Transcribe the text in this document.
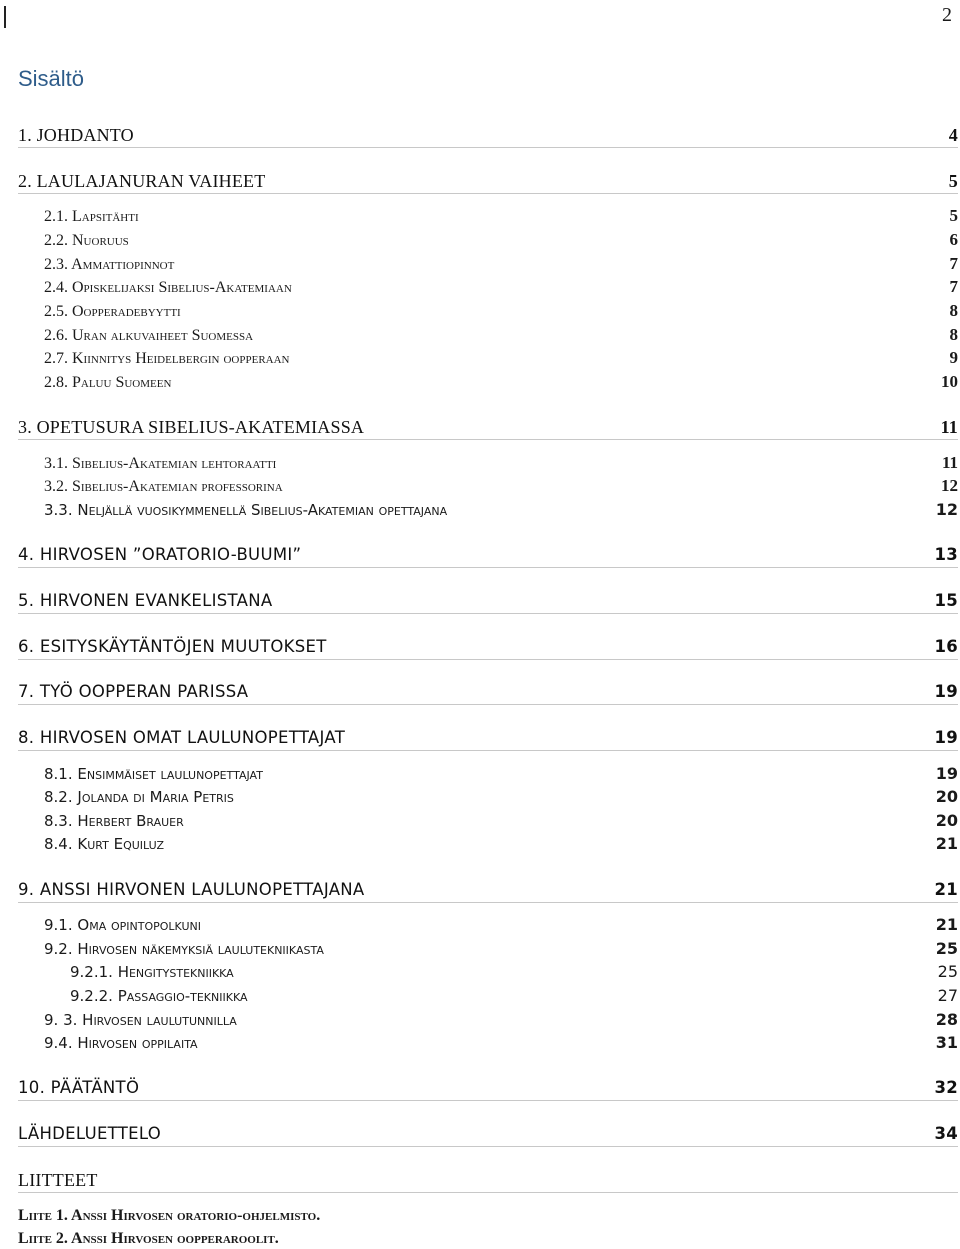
2
Sisältö
1. JOHDANTO	4
2. LAULAJANURAN VAIHEET	5
2.1. Lapsitähti	5
2.2. Nuoruus	6
2.3. Ammattiopinnot	7
2.4. Opiskelijaksi Sibelius-Akatemiaan	7
2.5. Oopperadebyytti	8
2.6. Uran alkuvaiheet Suomessa	8
2.7. Kiinnitys Heidelbergin oopperaan	9
2.8. Paluu Suomeen	10
3. OPETUSURA SIBELIUS-AKATEMIASSA	11
3.1. Sibelius-Akatemian lehtoraatti	11
3.2. Sibelius-Akatemian professorina	12
3.3. Neljällä vuosikymmenellä Sibelius-Akatemian opettajana	12
4. HIRVOSEN ”ORATORIO-BUUMI”	13
5. HIRVONEN EVANKELISTANA	15
6. ESITYSKÄYTÄNTÖJEN MUUTOKSET	16
7. TYÖ OOPPERAN PARISSA	19
8. HIRVOSEN OMAT LAULUNOPETTAJAT	19
8.1. Ensimmäiset laulunopettajat	19
8.2. Jolanda di Maria Petris	20
8.3. Herbert Brauer	20
8.4. Kurt Equiluz	21
9. ANSSI HIRVONEN LAULUNOPETTAJANA	21
9.1. Oma opintopolkuni	21
9.2. Hirvosen näkemyksiä laulutekniikasta	25
9.2.1. Hengitystekniikka	25
9.2.2. Passaggio-tekniikka	27
9. 3. Hirvosen laulutunnilla	28
9.4. Hirvosen oppilaita	31
10. PÄÄTÄNTÖ	32
LÄHDELUETTELO	34
LIITTEET
Liite 1. Anssi Hirvosen oratorio-ohjelmisto.
Liite 2. Anssi Hirvosen oopperaroolit.
